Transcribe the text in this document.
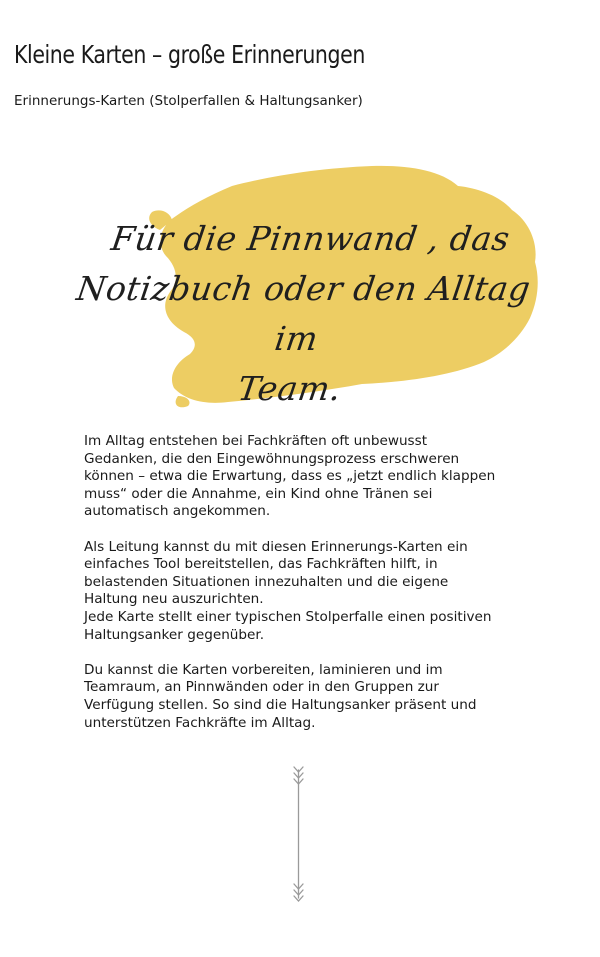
Kleine Karten – große Erinnerungen
Erinnerungs-Karten (Stolperfallen & Haltungsanker)
Für die Pinnwand , das
Notizbuch oder den Alltag im
Team.

Im Alltag entstehen bei Fachkräften oft unbewusst
Gedanken, die den Eingewöhnungsprozess erschweren
können – etwa die Erwartung, dass es „jetzt endlich klappen
muss“ oder die Annahme, ein Kind ohne Tränen sei
automatisch angekommen.

Als Leitung kannst du mit diesen Erinnerungs-Karten ein
einfaches Tool bereitstellen, das Fachkräften hilft, in
belastenden Situationen innezuhalten und die eigene
Haltung neu auszurichten.
Jede Karte stellt einer typischen Stolperfalle einen positiven
Haltungsanker gegenüber.

Du kannst die Karten vorbereiten, laminieren und im
Teamraum, an Pinnwänden oder in den Gruppen zur
Verfügung stellen. So sind die Haltungsanker präsent und
unterstützen Fachkräfte im Alltag.
